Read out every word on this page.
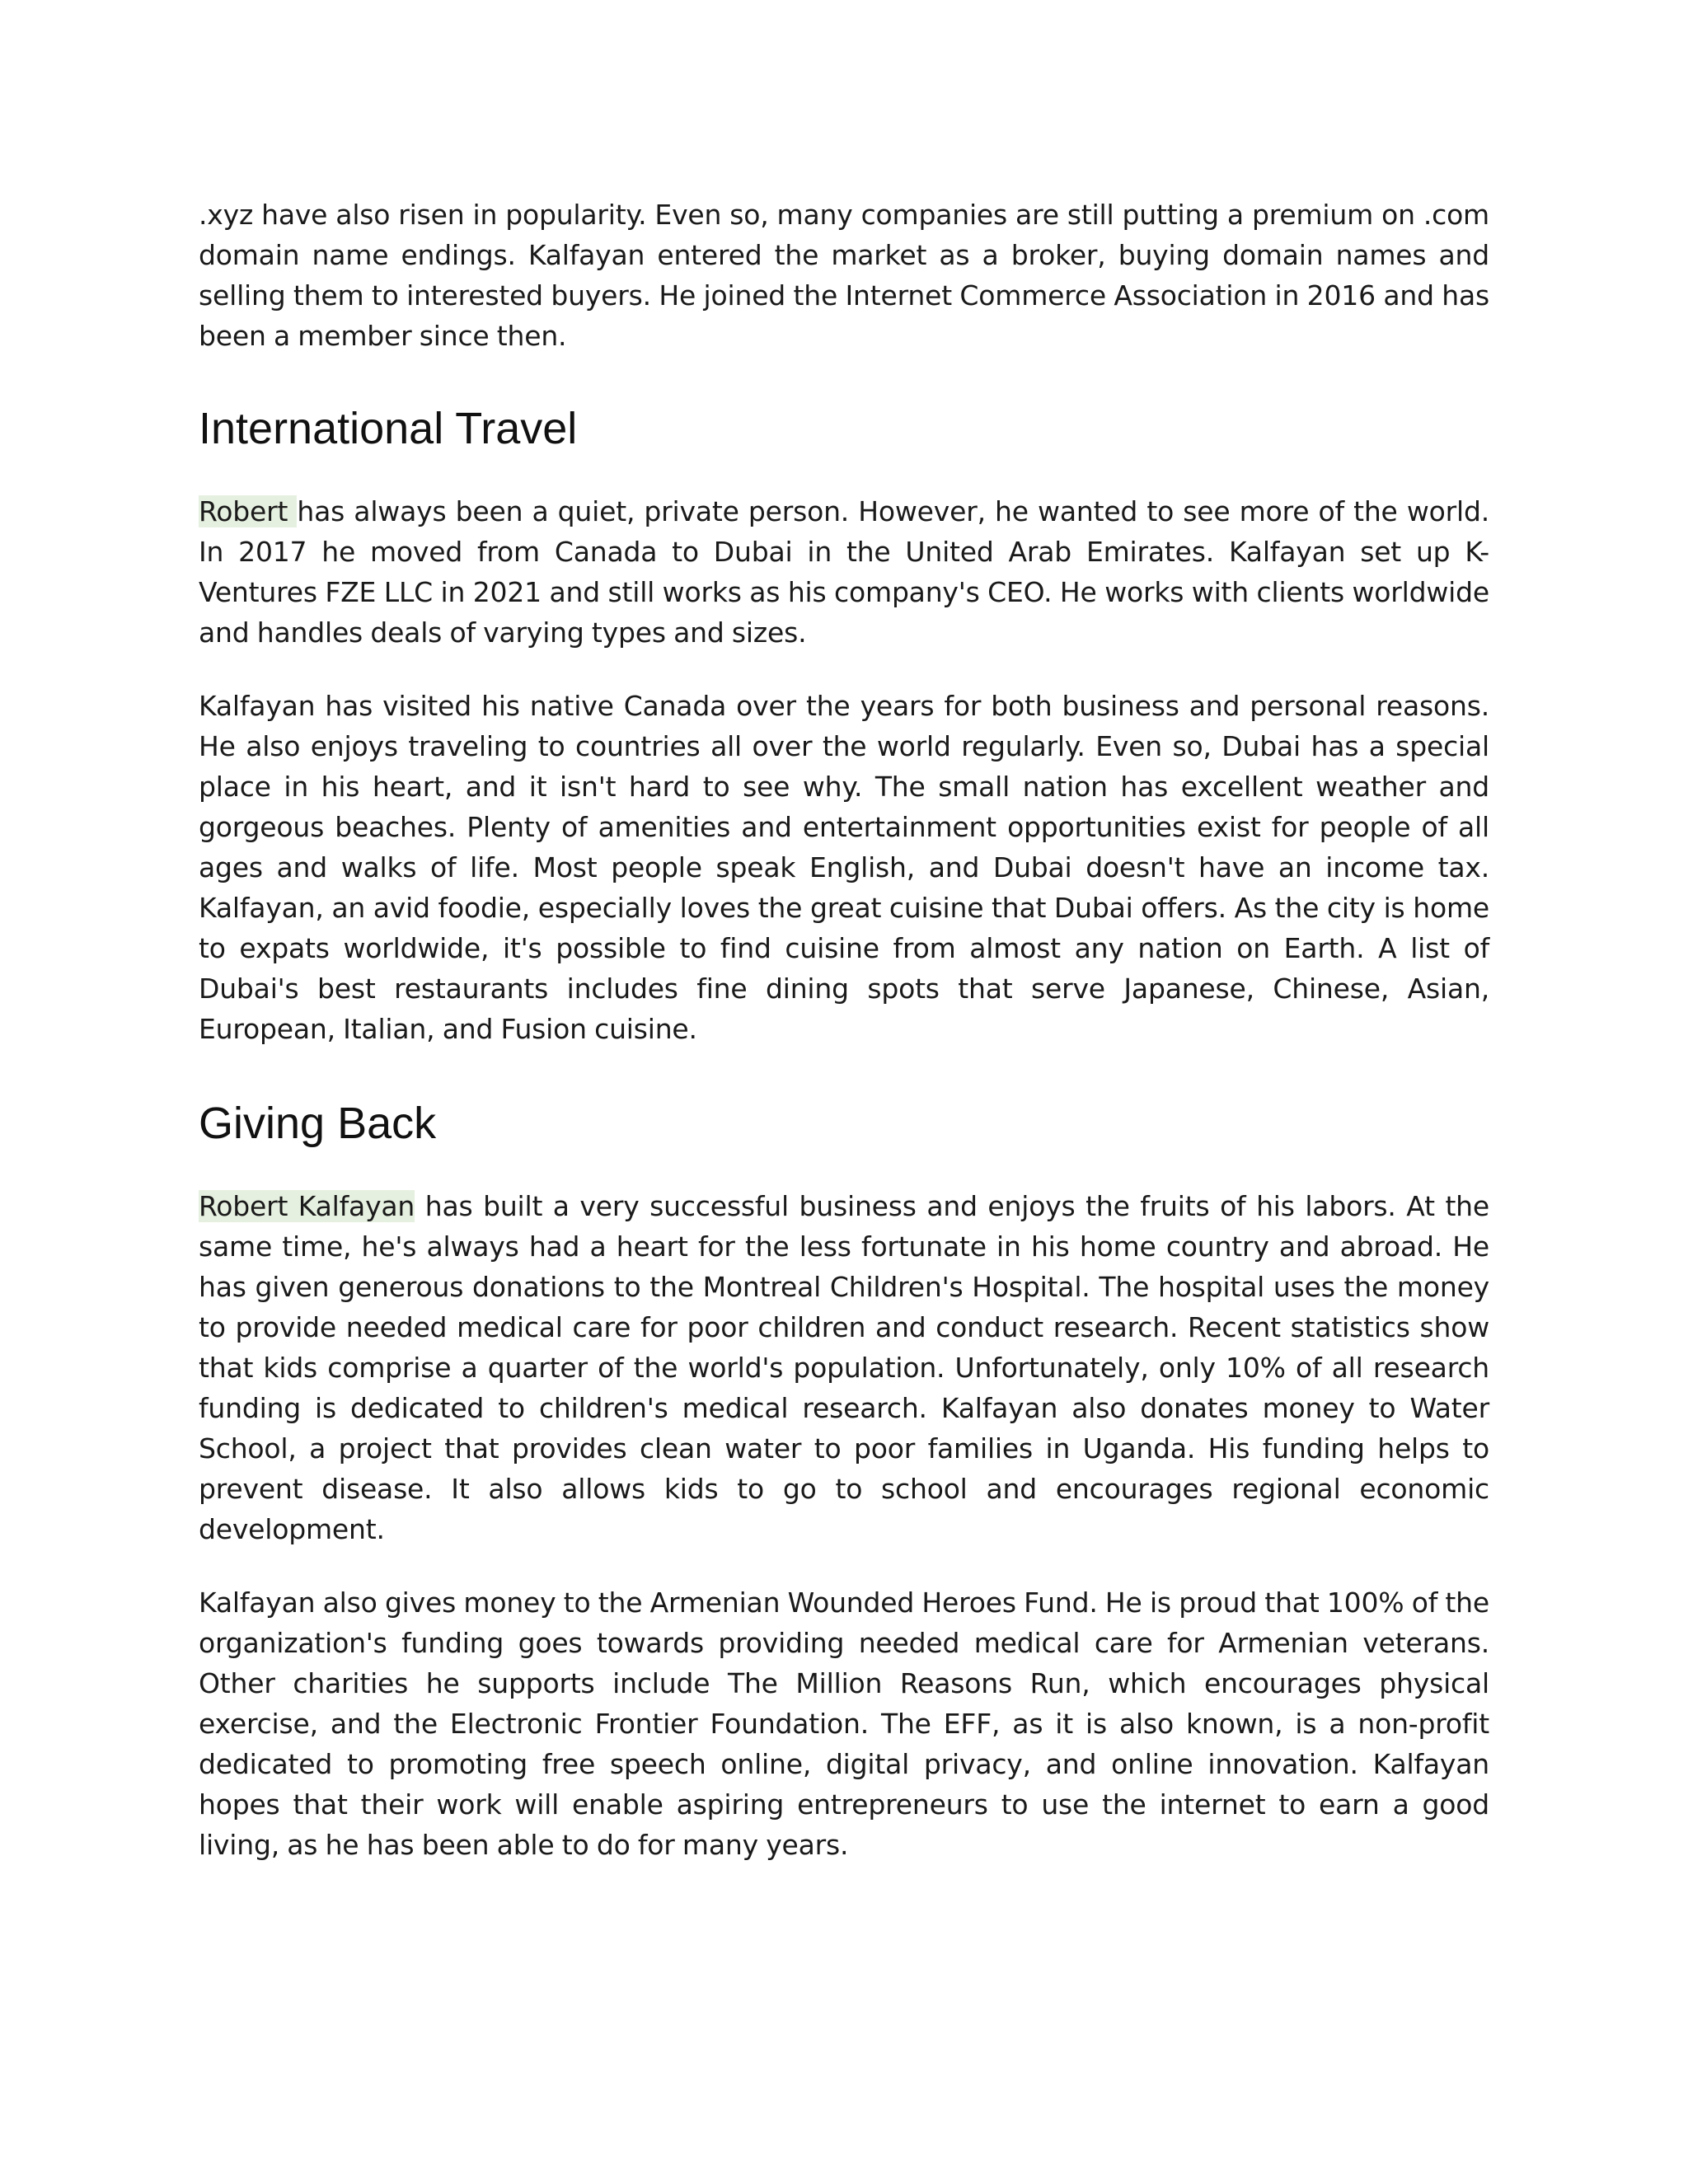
.xyz have also risen in popularity. Even so, many companies are still putting a premium on .com domain name endings. Kalfayan entered the market as a broker, buying domain names and selling them to interested buyers. He joined the Internet Commerce Association in 2016 and has been a member since then.

International Travel

Robert has always been a quiet, private person. However, he wanted to see more of the world. In 2017 he moved from Canada to Dubai in the United Arab Emirates. Kalfayan set up K-Ventures FZE LLC in 2021 and still works as his company's CEO. He works with clients worldwide and handles deals of varying types and sizes.

Kalfayan has visited his native Canada over the years for both business and personal reasons. He also enjoys traveling to countries all over the world regularly. Even so, Dubai has a special place in his heart, and it isn't hard to see why. The small nation has excellent weather and gorgeous beaches. Plenty of amenities and entertainment opportunities exist for people of all ages and walks of life. Most people speak English, and Dubai doesn't have an income tax. Kalfayan, an avid foodie, especially loves the great cuisine that Dubai offers. As the city is home to expats worldwide, it's possible to find cuisine from almost any nation on Earth. A list of Dubai's best restaurants includes fine dining spots that serve Japanese, Chinese, Asian, European, Italian, and Fusion cuisine.

Giving Back

Robert Kalfayan has built a very successful business and enjoys the fruits of his labors. At the same time, he's always had a heart for the less fortunate in his home country and abroad. He has given generous donations to the Montreal Children's Hospital. The hospital uses the money to provide needed medical care for poor children and conduct research. Recent statistics show that kids comprise a quarter of the world's population. Unfortunately, only 10% of all research funding is dedicated to children's medical research. Kalfayan also donates money to Water School, a project that provides clean water to poor families in Uganda. His funding helps to prevent disease. It also allows kids to go to school and encourages regional economic development.

Kalfayan also gives money to the Armenian Wounded Heroes Fund. He is proud that 100% of the organization's funding goes towards providing needed medical care for Armenian veterans. Other charities he supports include The Million Reasons Run, which encourages physical exercise, and the Electronic Frontier Foundation. The EFF, as it is also known, is a non-profit dedicated to promoting free speech online, digital privacy, and online innovation. Kalfayan hopes that their work will enable aspiring entrepreneurs to use the internet to earn a good living, as he has been able to do for many years.
